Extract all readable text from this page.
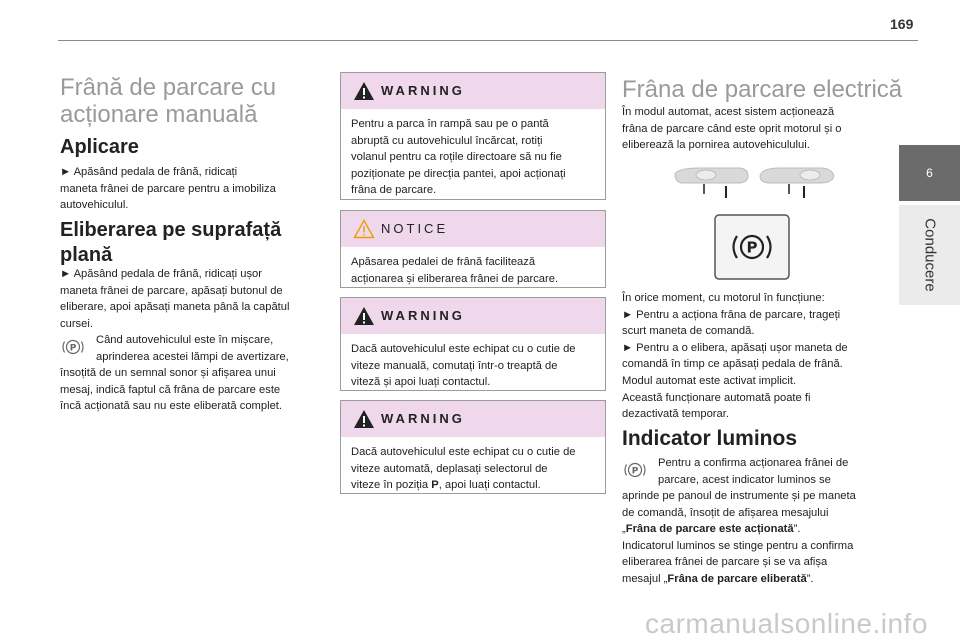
169
6
Conducere
Frână de parcare cu
acționare manuală
Aplicare
► Apăsând pedala de frână, ridicați
maneta frânei de parcare pentru a imobiliza
autovehiculul.
Eliberarea pe suprafață
plană
► Apăsând pedala de frână, ridicați ușor
maneta frânei de parcare, apăsați butonul de
eliberare, apoi apăsați maneta până la capătul
cursei.
P
Când autovehiculul este în mișcare,
aprinderea acestei lămpi de avertizare,
însoțită de un semnal sonor și afișarea unui
mesaj, indică faptul că frâna de parcare este
încă acționată sau nu este eliberată complet.
WARNING
Pentru a parca în rampă sau pe o pantă
abruptă cu autovehiculul încărcat, rotiți
volanul pentru ca roțile directoare să nu fie
poziționate pe direcția pantei, apoi acționați
frâna de parcare.
NOTICE
Apăsarea pedalei de frână facilitează
acționarea și eliberarea frânei de parcare.
WARNING
Dacă autovehiculul este echipat cu o cutie de
viteze manuală, comutați într-o treaptă de
viteză și apoi luați contactul.
WARNING
Dacă autovehiculul este echipat cu o cutie de
viteze automată, deplasați selectorul de
viteze în poziția P, apoi luați contactul.
Frâna de parcare electrică
În modul automat, acest sistem acționează
frâna de parcare când este oprit motorul și o
eliberează la pornirea autovehiculului.
P
În orice moment, cu motorul în funcțiune:
► Pentru a acționa frâna de parcare, trageți
scurt maneta de comandă.
► Pentru a o elibera, apăsați ușor maneta de
comandă în timp ce apăsați pedala de frână.
Modul automat este activat implicit.
Această funcționare automată poate fi
dezactivată temporar.
Indicator luminos
P
Pentru a confirma acționarea frânei de
parcare, acest indicator luminos se
aprinde pe panoul de instrumente și pe maneta
de comandă, însoțit de afișarea mesajului
„Frâna de parcare este acționată”.
Indicatorul luminos se stinge pentru a confirma
eliberarea frânei de parcare și se va afișa
mesajul „Frâna de parcare eliberată”.
carmanualsonline.info
